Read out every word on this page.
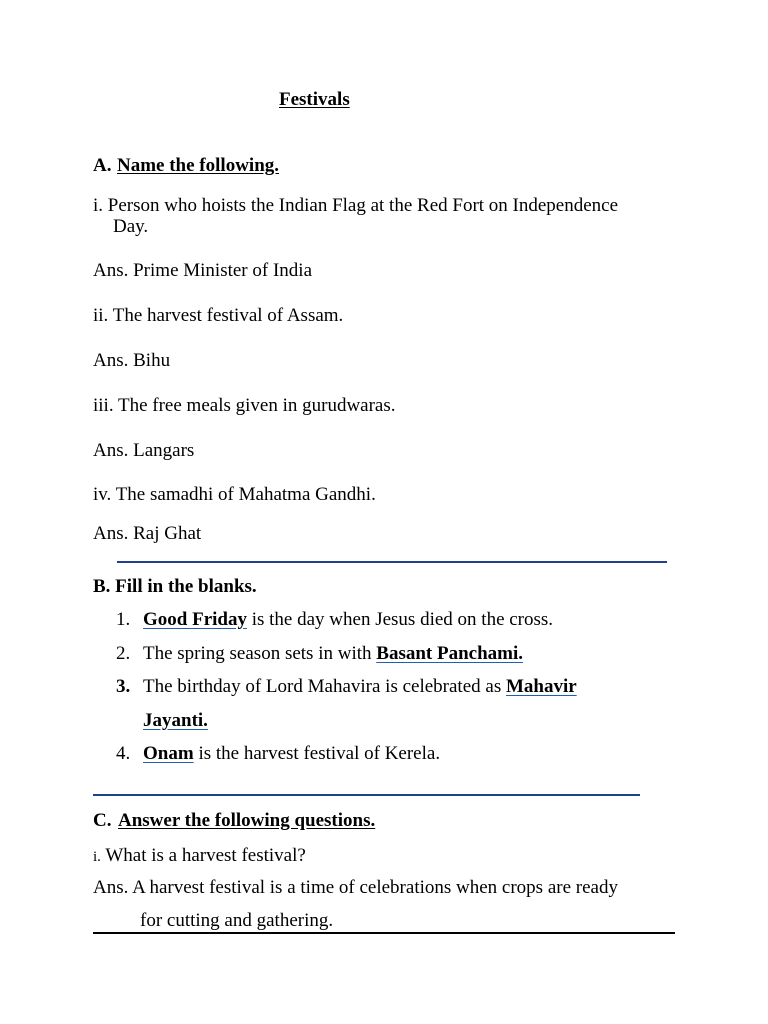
Festivals
A. Name the following.
i. Person who hoists the Indian Flag at the Red Fort on Independence
Day.
Ans. Prime Minister of India
ii. The harvest festival of Assam.
Ans. Bihu
iii. The free meals given in gurudwaras.
Ans. Langars
iv. The samadhi of Mahatma Gandhi.
Ans. Raj Ghat
B. Fill in the blanks.
1. Good Friday is the day when Jesus died on the cross.
2. The spring season sets in with Basant Panchami.
3. The birthday of Lord Mahavira is celebrated as Mahavir
Jayanti.
4. Onam is the harvest festival of Kerela.
C. Answer the following questions.
i. What is a harvest festival?
Ans. A harvest festival is a time of celebrations when crops are ready
for cutting and gathering.
